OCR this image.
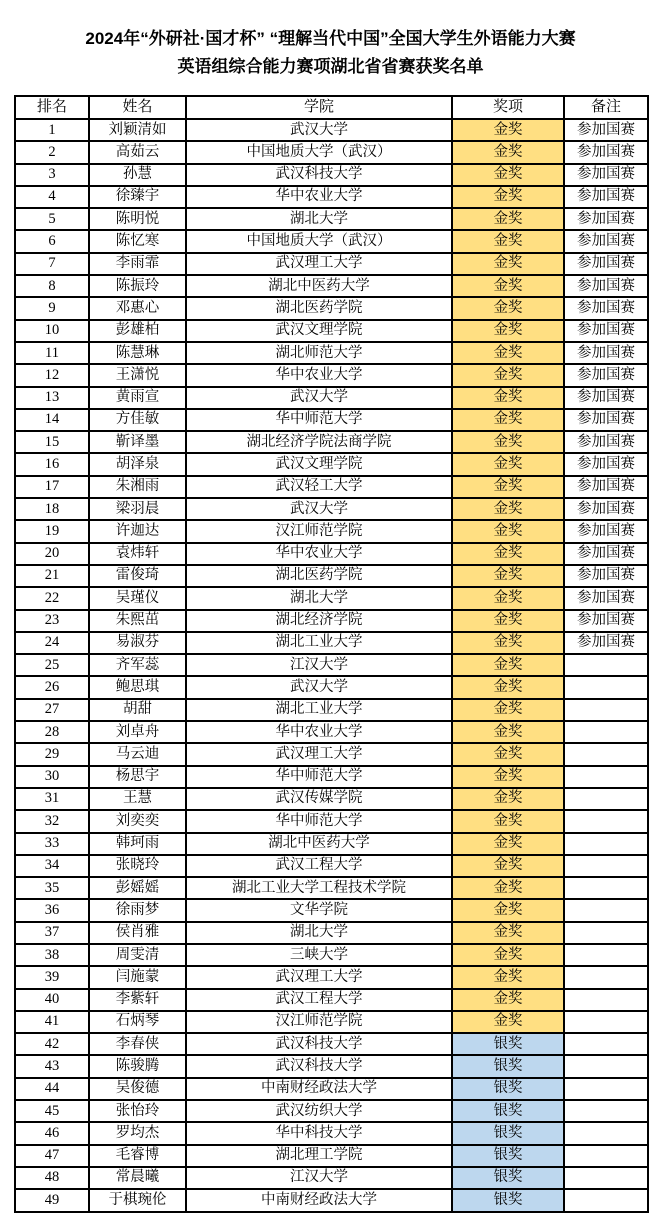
2024年“外研社·国才杯” “理解当代中国”全国大学生外语能力大赛
英语组综合能力赛项湖北省省赛获奖名单
排名	姓名	学院	奖项	备注
1	刘颖清如	武汉大学	金奖	参加国赛
2	高茹云	中国地质大学（武汉）	金奖	参加国赛
3	孙慧	武汉科技大学	金奖	参加国赛
4	徐臻宇	华中农业大学	金奖	参加国赛
5	陈明悦	湖北大学	金奖	参加国赛
6	陈忆寒	中国地质大学（武汉）	金奖	参加国赛
7	李雨霏	武汉理工大学	金奖	参加国赛
8	陈振玲	湖北中医药大学	金奖	参加国赛
9	邓惠心	湖北医药学院	金奖	参加国赛
10	彭雄柏	武汉文理学院	金奖	参加国赛
11	陈慧琳	湖北师范大学	金奖	参加国赛
12	王潇悦	华中农业大学	金奖	参加国赛
13	黄雨宣	武汉大学	金奖	参加国赛
14	方佳敏	华中师范大学	金奖	参加国赛
15	靳译墨	湖北经济学院法商学院	金奖	参加国赛
16	胡泽泉	武汉文理学院	金奖	参加国赛
17	朱湘雨	武汉轻工大学	金奖	参加国赛
18	梁羽晨	武汉大学	金奖	参加国赛
19	许迦达	汉江师范学院	金奖	参加国赛
20	袁炜轩	华中农业大学	金奖	参加国赛
21	雷俊琦	湖北医药学院	金奖	参加国赛
22	吴瑾仪	湖北大学	金奖	参加国赛
23	朱熙茁	湖北经济学院	金奖	参加国赛
24	易淑芬	湖北工业大学	金奖	参加国赛
25	齐军蕊	江汉大学	金奖	
26	鲍思琪	武汉大学	金奖	
27	胡甜	湖北工业大学	金奖	
28	刘卓舟	华中农业大学	金奖	
29	马云迪	武汉理工大学	金奖	
30	杨思宇	华中师范大学	金奖	
31	王慧	武汉传媒学院	金奖	
32	刘奕奕	华中师范大学	金奖	
33	韩珂雨	湖北中医药大学	金奖	
34	张晓玲	武汉工程大学	金奖	
35	彭媱媱	湖北工业大学工程技术学院	金奖	
36	徐雨梦	文华学院	金奖	
37	侯肖雅	湖北大学	金奖	
38	周雯清	三峡大学	金奖	
39	闫施蒙	武汉理工大学	金奖	
40	李紫轩	武汉工程大学	金奖	
41	石炳琴	汉江师范学院	金奖	
42	李春侠	武汉科技大学	银奖	
43	陈骏腾	武汉科技大学	银奖	
44	吴俊德	中南财经政法大学	银奖	
45	张怡玲	武汉纺织大学	银奖	
46	罗均杰	华中科技大学	银奖	
47	毛睿博	湖北理工学院	银奖	
48	常晨曦	江汉大学	银奖	
49	于棋琬伦	中南财经政法大学	银奖	
